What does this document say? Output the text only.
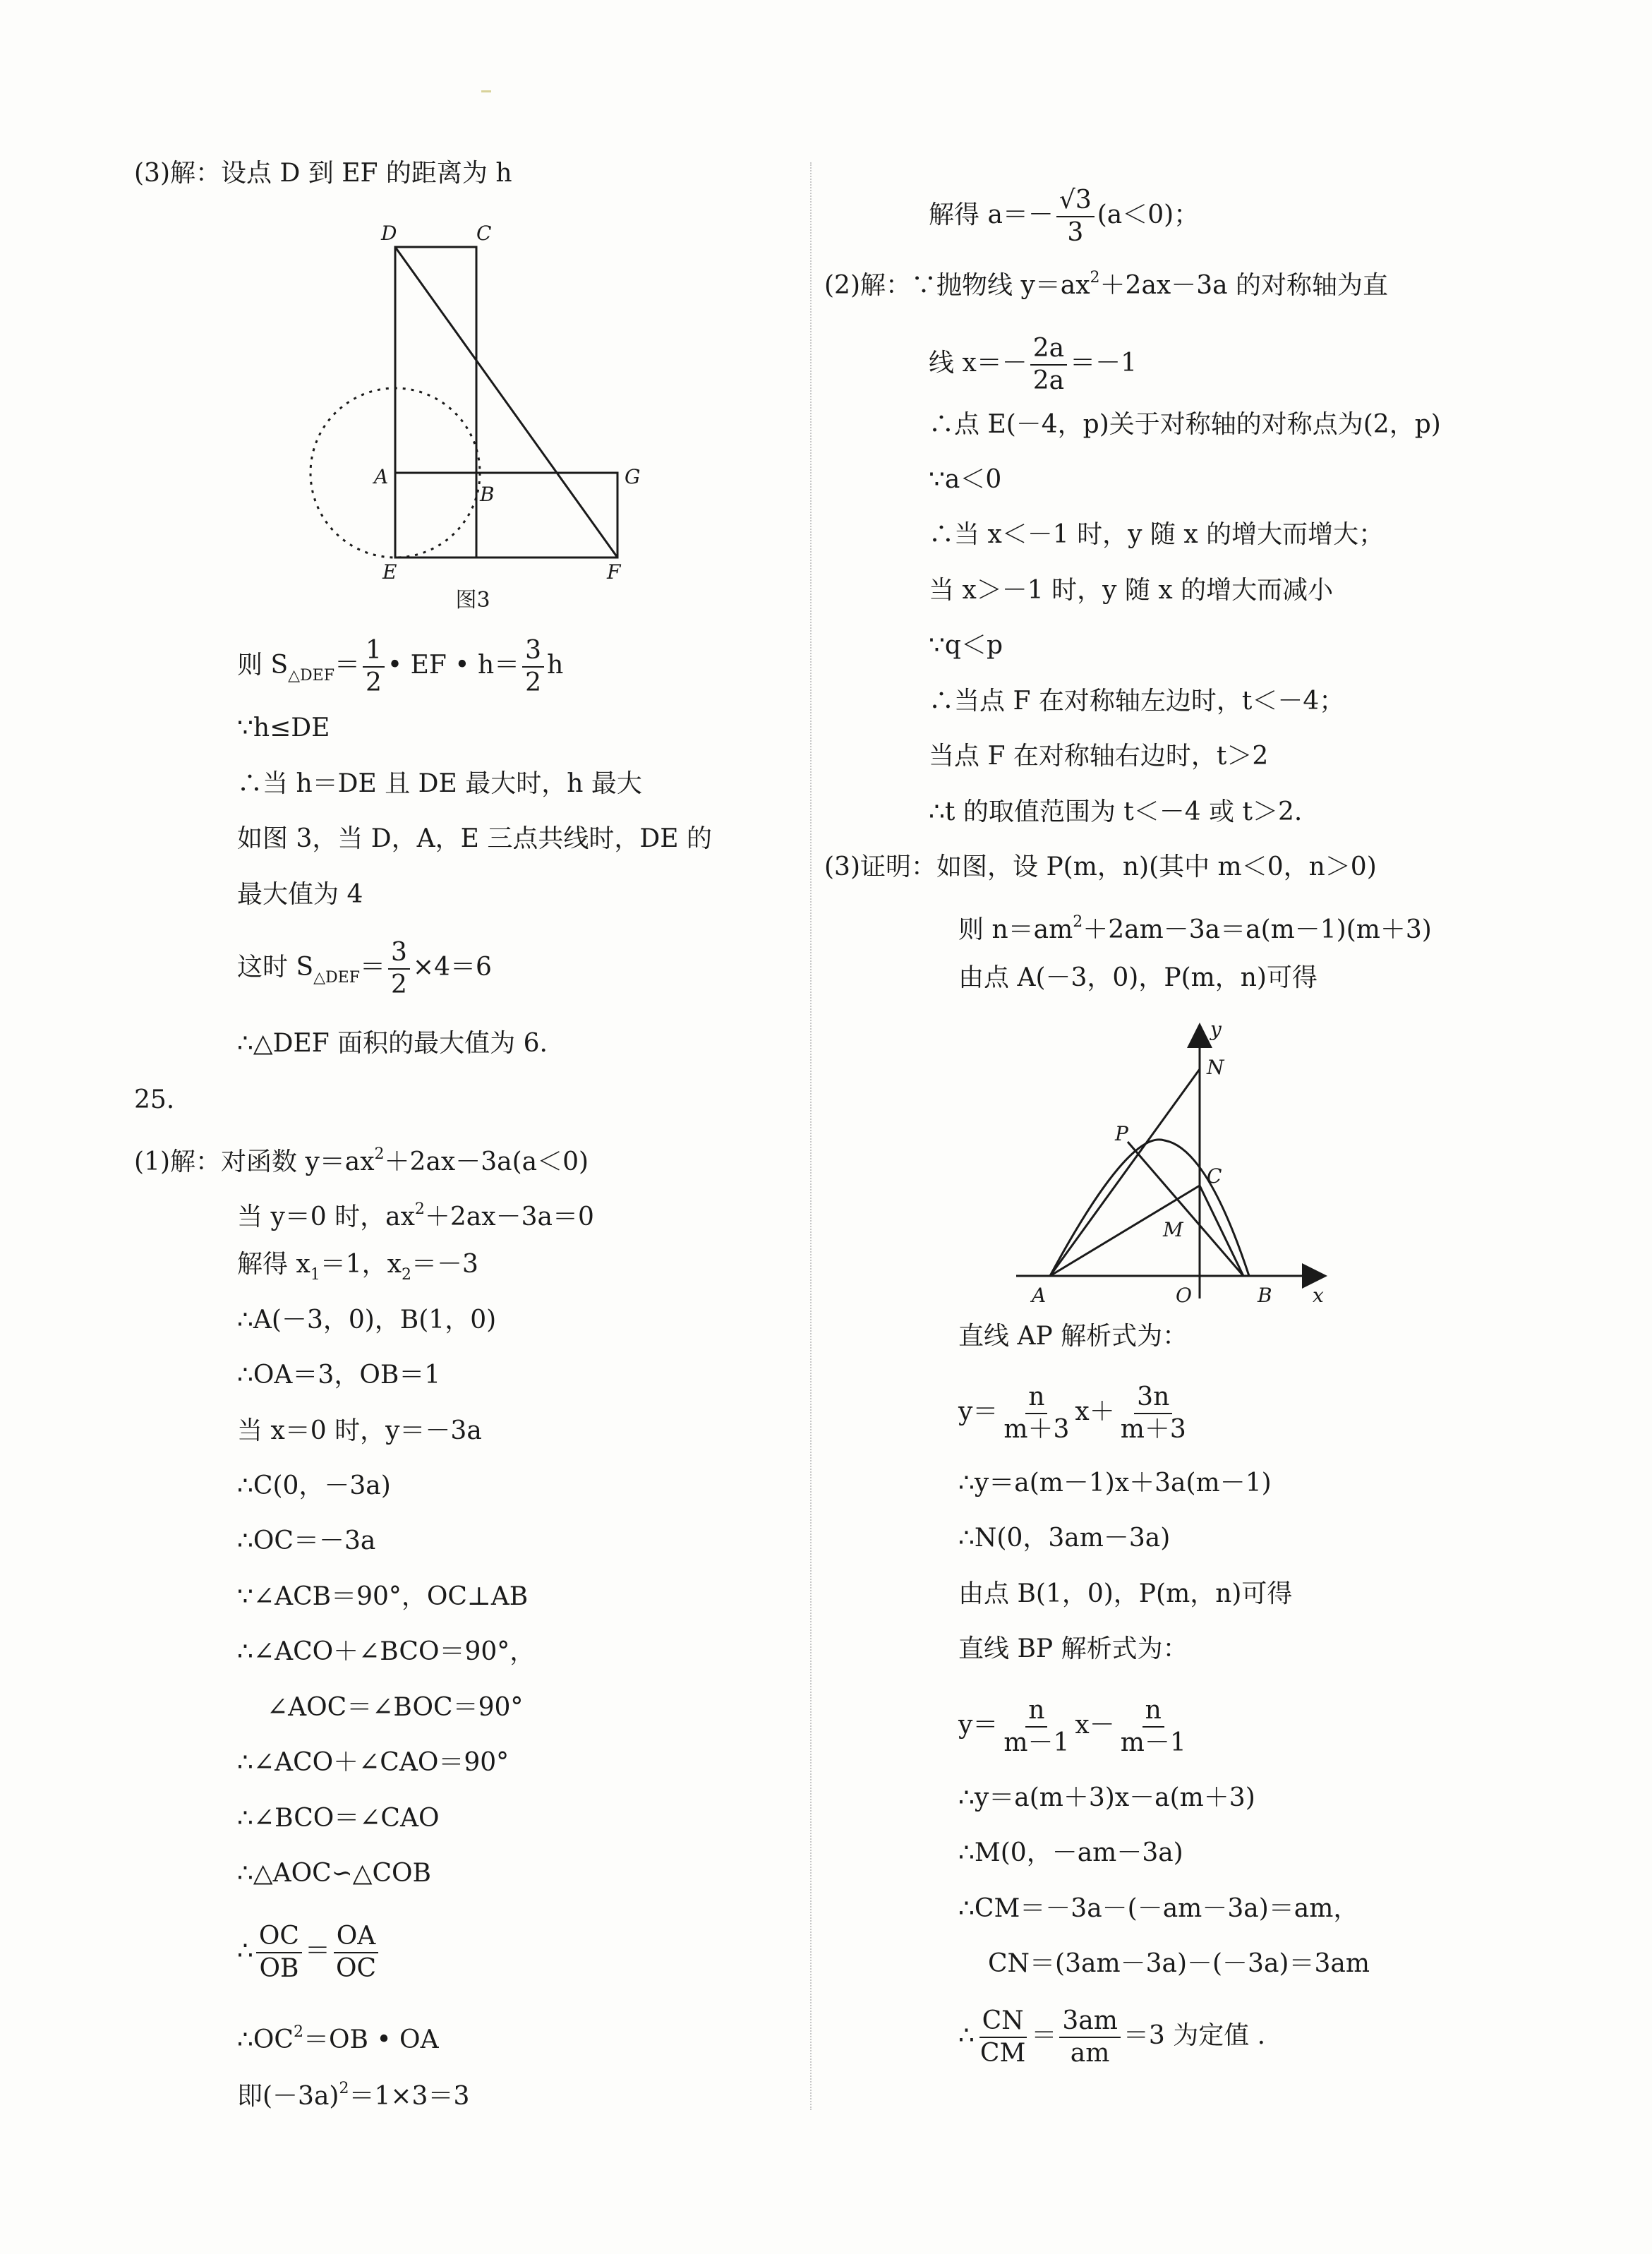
(3)解：设点 D 到 EF 的距离为 h
D	C
A
B
G
E	F
图3
则 $S_{\triangle DEF}= \frac{1}{2}$ • EF • $h= \frac{3}{2}$ h
∵h≤DE
∴当 h＝DE 且 DE 最大时，h 最大
如图 3，当 D，A，E 三点共线时，DE 的
最大值为 4
这时 $S_{\triangle DEF}= \frac{3}{2} \times 4=6$
∴△DEF 面积的最大值为 6.
25.
(1)解：对函数 $y=ax^2+2ax-3a(a<0)$
当 y＝0 时，$ax^2+2ax-3a=0$
解得 $x_1=1$，$x_2=-3$
∴A(－3，0)，B(1，0)
∴OA＝3，OB＝1
当 x＝0 时，y＝－3a
∴C(0，－3a)
∴OC＝－3a
∵∠ACB＝90°，OC⊥AB
∴∠ACO＋∠BCO＝90°，
∠AOC＝∠BOC＝90°
∴∠ACO＋∠CAO＝90°
∴∠BCO＝∠CAO
∴△AOC∽△COB
∴ $\frac{OC}{OB} = \frac{OA}{OC}$
$\therefore OC^2=OB$ • OA
即$(-3a)^2=1\times 3=3$
解得 $a=- \frac{√3}{3} (a<0)$；
(2)解：∵抛物线 $y=ax^2+2ax-3a$ 的对称轴为直
线 $x=- \frac{2a}{2a} =-1$
∴点 E(－4，p)关于对称轴的对称点为(2，p)
∵a＜0
∴当 x＜－1 时，y 随 x 的增大而增大；
当 x＞－1 时，y 随 x 的增大而减小
∵q＜p
∴当点 F 在对称轴左边时，t＜－4；
当点 F 在对称轴右边时，t＞2
∴t 的取值范围为 t＜－4 或 t＞2.
(3)证明：如图，设 P(m，n)(其中 m＜0，n＞0)
则 $n=am^2+2am-3a=a(m-1)(m+3)$
由点 A(－3，0)，P(m，n)可得
y
N
P
C
M
A	O	B x
直线 AP 解析式为：
$y= \frac{n}{m+3} x+ \frac{3n}{m+3}$
∴y＝a(m－1)x＋3a(m－1)
∴N(0，3am－3a)
由点 B(1，0)，P(m，n)可得
直线 BP 解析式为：
$y= \frac{n}{m-1} x- \frac{n}{m-1}$
∴y＝a(m＋3)x－a(m＋3)
∴M(0，－am－3a)
∴CM＝－3a－(－am－3a)＝am，
CN＝(3am－3a)－(－3a)＝3am
∴ $\frac{CN}{CM} = \frac{3am}{am} =3$ 为定值 .
